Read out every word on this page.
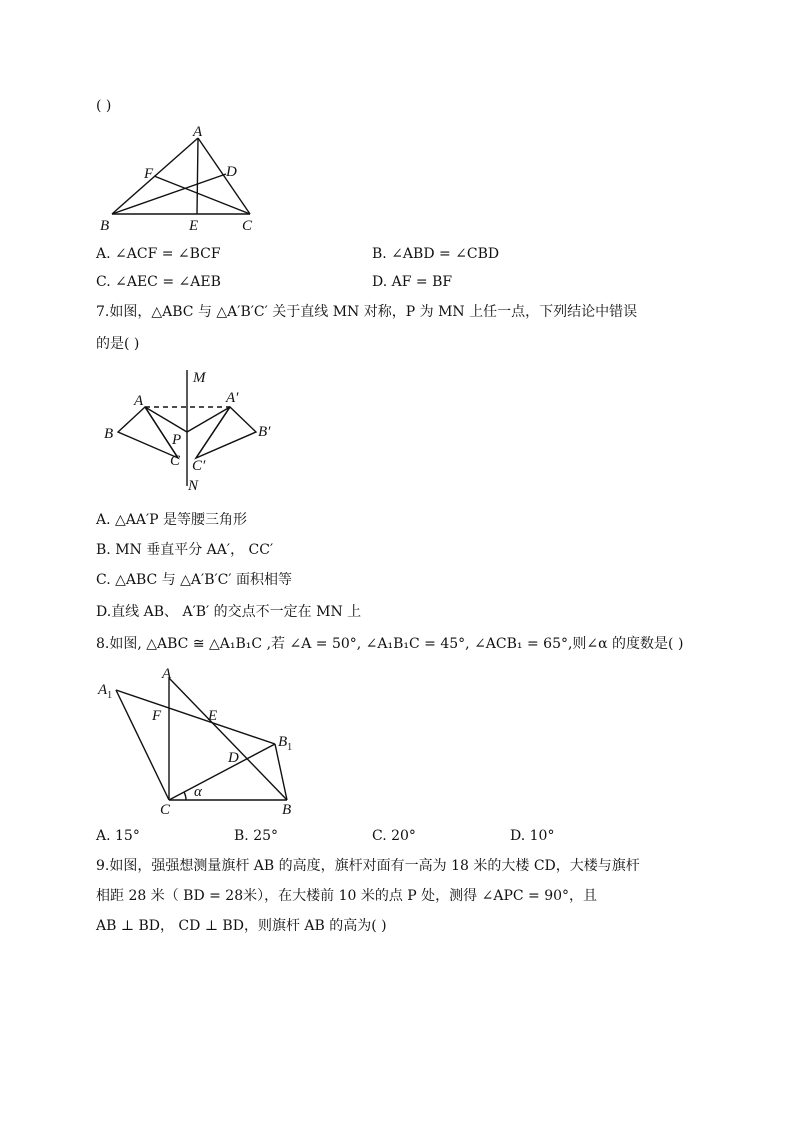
( )
A
B	C
D
E
F
A. ∠ACF = ∠BCF	B. ∠ABD = ∠CBD
C. ∠AEC = ∠AEB	D. AF = BF
7.如图，△ABC 与 △A′B′C′ 关于直线 MN 对称，P 为 MN 上任一点，下列结论中错误
的是( )
M
N
A	A′
B	B′
C C′
P
A. △AA′P 是等腰三角形
B. MN 垂直平分 AA′， CC′
C. △ABC 与 △A′B′C′ 面积相等
D.直线 AB、 A′B′ 的交点不一定在 MN 上
8.如图, △ABC ≅ △A₁B₁C ,若 ∠A = 50°, ∠A₁B₁C = 45°, ∠ACB₁ = 65°,则∠α 的度数是( )
A
$A_1$
B
$B_1$
C
D
E
F
α
A. 15°	B. 25°	C. 20°	D. 10°
9.如图，强强想测量旗杆 AB 的高度，旗杆对面有一高为 18 米的大楼 CD，大楼与旗杆
相距 28 米（ BD = 28米），在大楼前 10 米的点 P 处，测得 ∠APC = 90°，且
AB ⊥ BD， CD ⊥ BD，则旗杆 AB 的高为( )
